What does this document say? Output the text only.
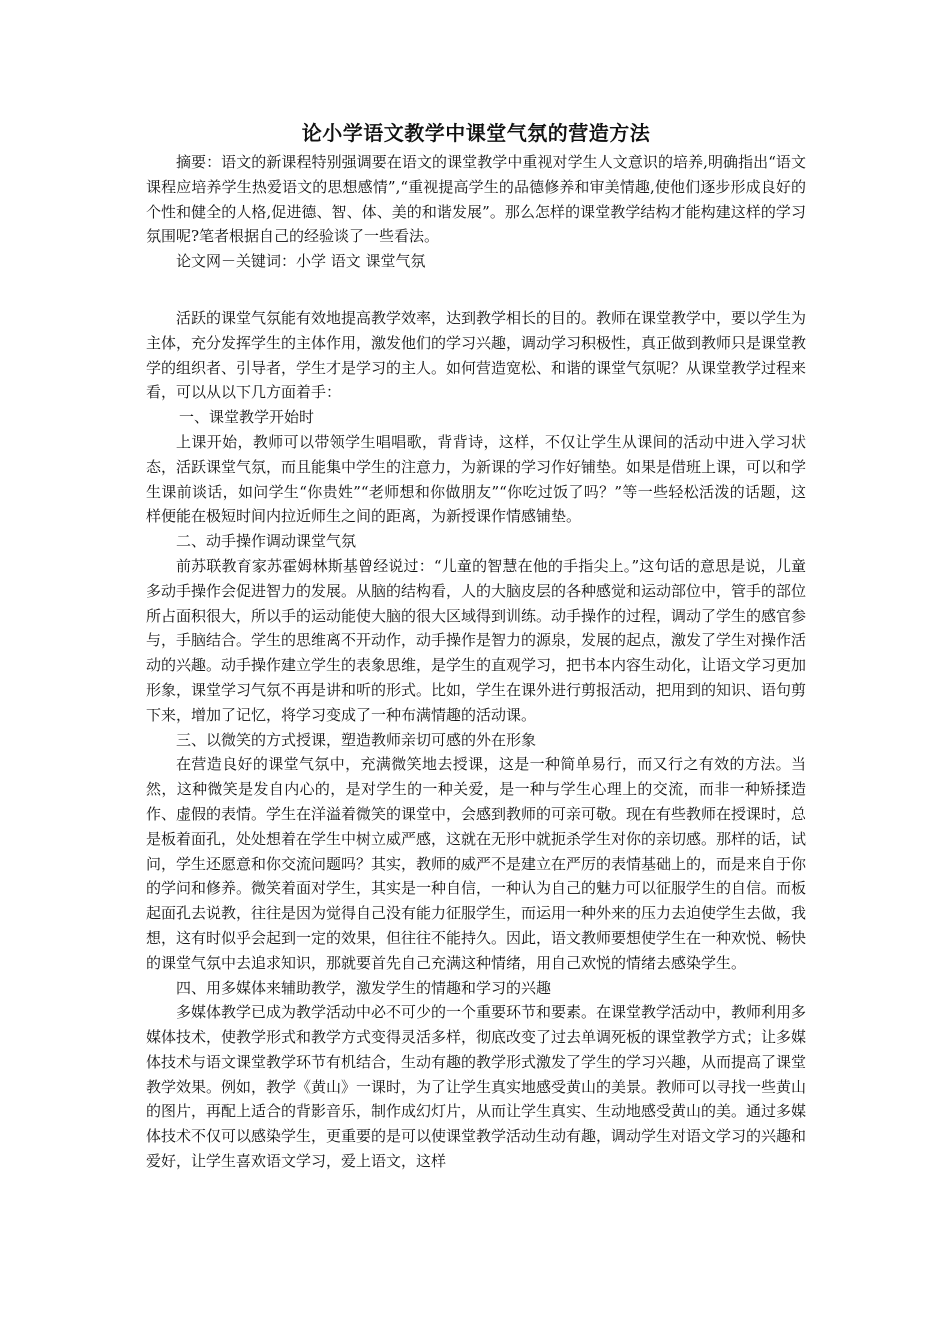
论小学语文教学中课堂气氛的营造方法

摘要：语文的新课程特别强调要在语文的课堂教学中重视对学生人文意识的培养,明确指出“语文课程应培养学生热爱语文的思想感情”,“重视提高学生的品德修养和审美情趣,使他们逐步形成良好的个性和健全的人格,促进德、智、体、美的和谐发展”。那么怎样的课堂教学结构才能构建这样的学习氛围呢?笔者根据自己的经验谈了一些看法。

论文网－关键词：小学 语文 课堂气氛

活跃的课堂气氛能有效地提高教学效率，达到教学相长的目的。教师在课堂教学中，要以学生为主体，充分发挥学生的主体作用，激发他们的学习兴趣，调动学习积极性，真正做到教师只是课堂教学的组织者、引导者，学生才是学习的主人。如何营造宽松、和谐的课堂气氛呢？从课堂教学过程来看，可以从以下几方面着手：

一、课堂教学开始时

上课开始，教师可以带领学生唱唱歌，背背诗，这样，不仅让学生从课间的活动中进入学习状态，活跃课堂气氛，而且能集中学生的注意力，为新课的学习作好铺垫。如果是借班上课，可以和学生课前谈话，如问学生“你贵姓”“老师想和你做朋友”“你吃过饭了吗？”等一些轻松活泼的话题，这样便能在极短时间内拉近师生之间的距离，为新授课作情感铺垫。

二、动手操作调动课堂气氛

前苏联教育家苏霍姆林斯基曾经说过：“儿童的智慧在他的手指尖上。”这句话的意思是说，儿童多动手操作会促进智力的发展。从脑的结构看，人的大脑皮层的各种感觉和运动部位中，管手的部位所占面积很大，所以手的运动能使大脑的很大区域得到训练。动手操作的过程，调动了学生的感官参与，手脑结合。学生的思维离不开动作，动手操作是智力的源泉，发展的起点，激发了学生对操作活动的兴趣。动手操作建立学生的表象思维，是学生的直观学习，把书本内容生动化，让语文学习更加形象，课堂学习气氛不再是讲和听的形式。比如，学生在课外进行剪报活动，把用到的知识、语句剪下来，增加了记忆，将学习变成了一种布满情趣的活动课。

三、以微笑的方式授课，塑造教师亲切可感的外在形象

在营造良好的课堂气氛中，充满微笑地去授课，这是一种简单易行，而又行之有效的方法。当然，这种微笑是发自内心的，是对学生的一种关爱，是一种与学生心理上的交流，而非一种矫揉造作、虚假的表情。学生在洋溢着微笑的课堂中，会感到教师的可亲可敬。现在有些教师在授课时，总是板着面孔，处处想着在学生中树立威严感，这就在无形中就扼杀学生对你的亲切感。那样的话，试问，学生还愿意和你交流问题吗？其实，教师的威严不是建立在严厉的表情基础上的，而是来自于你的学问和修养。微笑着面对学生，其实是一种自信，一种认为自己的魅力可以征服学生的自信。而板起面孔去说教，往往是因为觉得自己没有能力征服学生，而运用一种外来的压力去迫使学生去做，我想，这有时似乎会起到一定的效果，但往往不能持久。因此，语文教师要想使学生在一种欢悦、畅快的课堂气氛中去追求知识，那就要首先自己充满这种情绪，用自己欢悦的情绪去感染学生。

四、用多媒体来辅助教学，激发学生的情趣和学习的兴趣

多媒体教学已成为教学活动中必不可少的一个重要环节和要素。在课堂教学活动中，教师利用多媒体技术，使教学形式和教学方式变得灵活多样，彻底改变了过去单调死板的课堂教学方式；让多媒体技术与语文课堂教学环节有机结合，生动有趣的教学形式激发了学生的学习兴趣，从而提高了课堂教学效果。例如，教学《黄山》一课时，为了让学生真实地感受黄山的美景。教师可以寻找一些黄山的图片，再配上适合的背影音乐，制作成幻灯片，从而让学生真实、生动地感受黄山的美。通过多媒体技术不仅可以感染学生，更重要的是可以使课堂教学活动生动有趣，调动学生对语文学习的兴趣和爱好，让学生喜欢语文学习，爱上语文，这样
